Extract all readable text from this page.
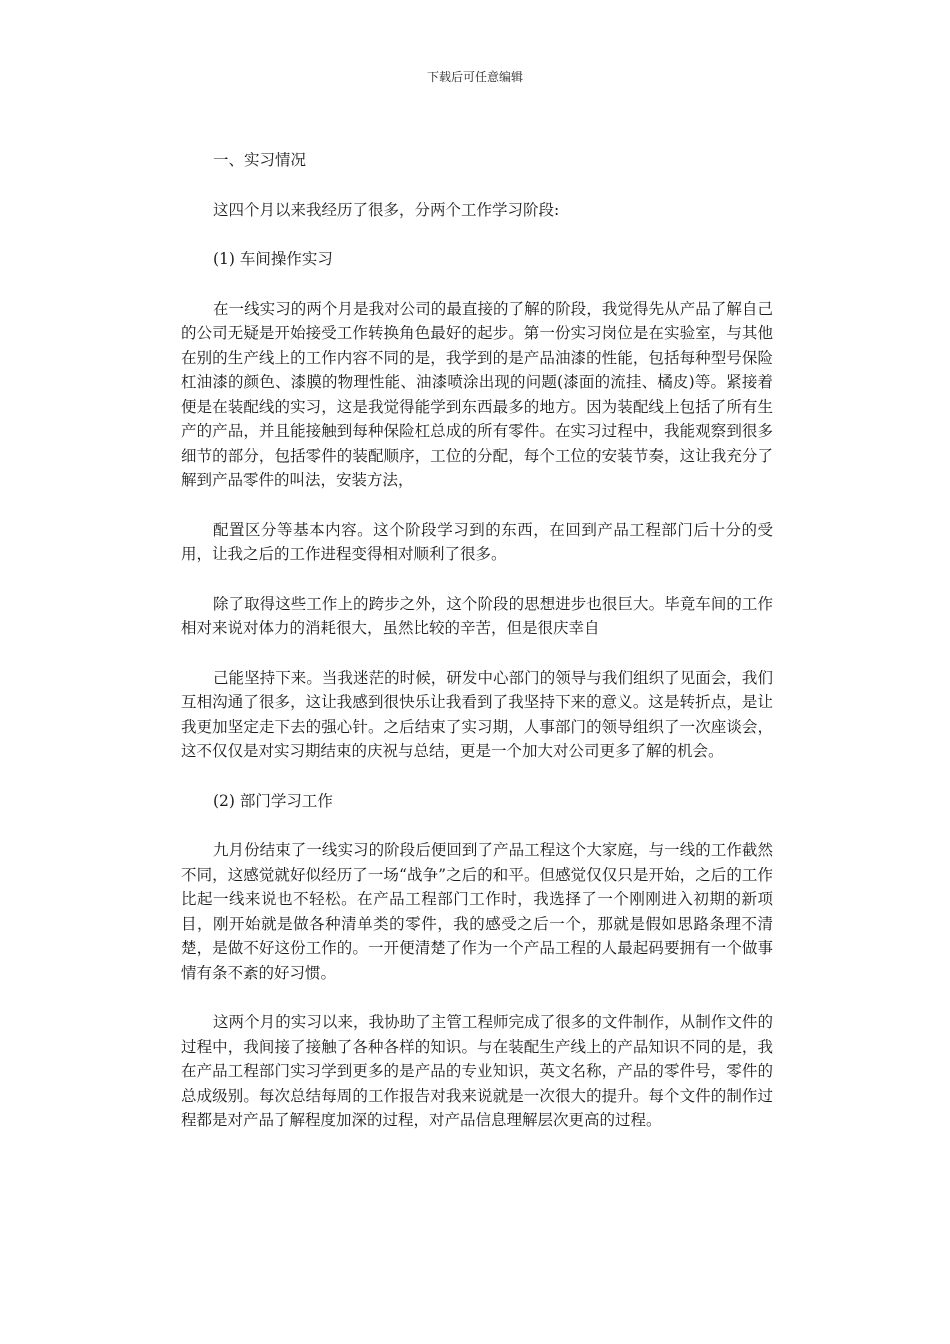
下载后可任意编辑
一、实习情况
这四个月以来我经历了很多，分两个工作学习阶段:
(1) 车间操作实习

在一线实习的两个月是我对公司的最直接的了解的阶段，我觉得先从产品了解自己的公司无疑是开始接受工作转换角色最好的起步。第一份实习岗位是在实验室，与其他在别的生产线上的工作内容不同的是，我学到的是产品油漆的性能，包括每种型号保险杠油漆的颜色、漆膜的物理性能、油漆喷涂出现的问题(漆面的流挂、橘皮)等。紧接着便是在装配线的实习，这是我觉得能学到东西最多的地方。因为装配线上包括了所有生产的产品，并且能接触到每种保险杠总成的所有零件。在实习过程中，我能观察到很多细节的部分，包括零件的装配顺序，工位的分配，每个工位的安装节奏，这让我充分了解到产品零件的叫法，安装方法，

配置区分等基本内容。这个阶段学习到的东西，在回到产品工程部门后十分的受用，让我之后的工作进程变得相对顺利了很多。

除了取得这些工作上的跨步之外，这个阶段的思想进步也很巨大。毕竟车间的工作相对来说对体力的消耗很大，虽然比较的辛苦，但是很庆幸自

己能坚持下来。当我迷茫的时候，研发中心部门的领导与我们组织了见面会，我们互相沟通了很多，这让我感到很快乐让我看到了我坚持下来的意义。这是转折点，是让我更加坚定走下去的强心针。之后结束了实习期，人事部门的领导组织了一次座谈会，这不仅仅是对实习期结束的庆祝与总结，更是一个加大对公司更多了解的机会。

(2) 部门学习工作

九月份结束了一线实习的阶段后便回到了产品工程这个大家庭，与一线的工作截然不同，这感觉就好似经历了一场“战争”之后的和平。但感觉仅仅只是开始，之后的工作比起一线来说也不轻松。在产品工程部门工作时，我选择了一个刚刚进入初期的新项目，刚开始就是做各种清单类的零件，我的感受之后一个，那就是假如思路条理不清楚，是做不好这份工作的。一开便清楚了作为一个产品工程的人最起码要拥有一个做事情有条不紊的好习惯。

这两个月的实习以来，我协助了主管工程师完成了很多的文件制作，从制作文件的过程中，我间接了接触了各种各样的知识。与在装配生产线上的产品知识不同的是，我在产品工程部门实习学到更多的是产品的专业知识，英文名称，产品的零件号，零件的总成级别。每次总结每周的工作报告对我来说就是一次很大的提升。每个文件的制作过程都是对产品了解程度加深的过程，对产品信息理解层次更高的过程。
